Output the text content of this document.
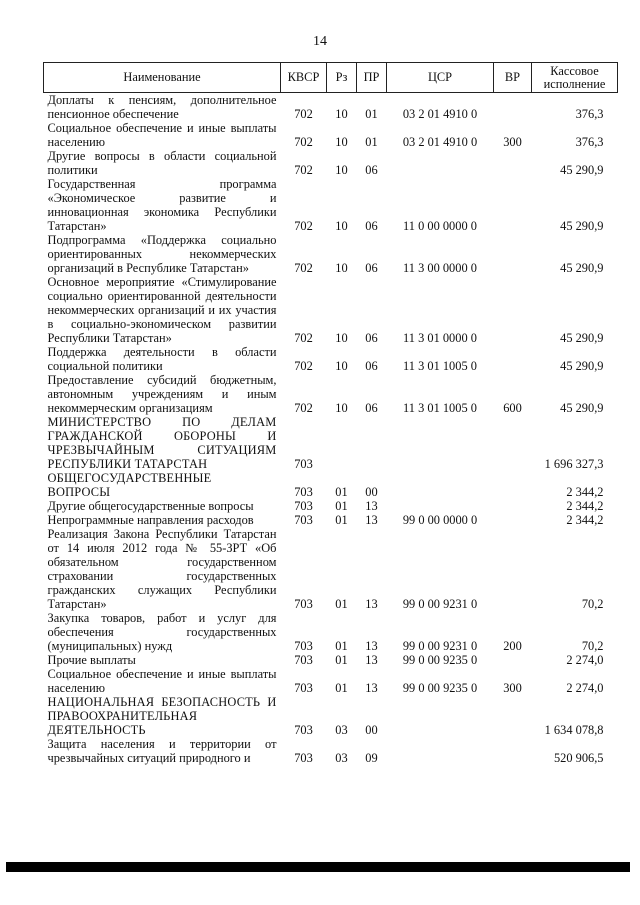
14
Наименование	КВСР	Рз	ПР	ЦСР	ВР	Кассовое исполнение
Доплаты к пенсиям, дополнительное пенсионное обеспечение	702	10	01	03 2 01 4910 0		376,3
Социальное обеспечение и иные выплаты населению	702	10	01	03 2 01 4910 0	300	376,3
Другие вопросы в области социальной политики	702	10	06			45 290,9
Государственная программа «Экономическое развитие и инновационная экономика Республики Татарстан»	702	10	06	11 0 00 0000 0		45 290,9
Подпрограмма «Поддержка социально ориентированных некоммерческих организаций в Республике Татарстан»	702	10	06	11 3 00 0000 0		45 290,9
Основное мероприятие «Стимулирование социально ориентированной деятельности некоммерческих организаций и их участия в социально-экономическом развитии Республики Татарстан»	702	10	06	11 3 01 0000 0		45 290,9
Поддержка деятельности в области социальной политики	702	10	06	11 3 01 1005 0		45 290,9
Предоставление субсидий бюджетным, автономным учреждениям и иным некоммерческим организациям	702	10	06	11 3 01 1005 0	600	45 290,9
МИНИСТЕРСТВО ПО ДЕЛАМ ГРАЖДАНСКОЙ ОБОРОНЫ И ЧРЕЗВЫЧАЙНЫМ СИТУАЦИЯМ РЕСПУБЛИКИ ТАТАРСТАН	703					1 696 327,3
ОБЩЕГОСУДАРСТВЕННЫЕ ВОПРОСЫ	703	01	00			2 344,2
Другие общегосударственные вопросы	703	01	13			2 344,2
Непрограммные направления расходов	703	01	13	99 0 00 0000 0		2 344,2
Реализация Закона Республики Татарстан от 14 июля 2012 года № 55-ЗРТ «Об обязательном государственном страховании государственных гражданских служащих Республики Татарстан»	703	01	13	99 0 00 9231 0		70,2
Закупка товаров, работ и услуг для обеспечения государственных (муниципальных) нужд	703	01	13	99 0 00 9231 0	200	70,2
Прочие выплаты	703	01	13	99 0 00 9235 0		2 274,0
Социальное обеспечение и иные выплаты населению	703	01	13	99 0 00 9235 0	300	2 274,0
НАЦИОНАЛЬНАЯ БЕЗОПАСНОСТЬ И ПРАВООХРАНИТЕЛЬНАЯ ДЕЯТЕЛЬНОСТЬ	703	03	00			1 634 078,8
Защита населения и территории от чрезвычайных ситуаций природного и	703	03	09			520 906,5
